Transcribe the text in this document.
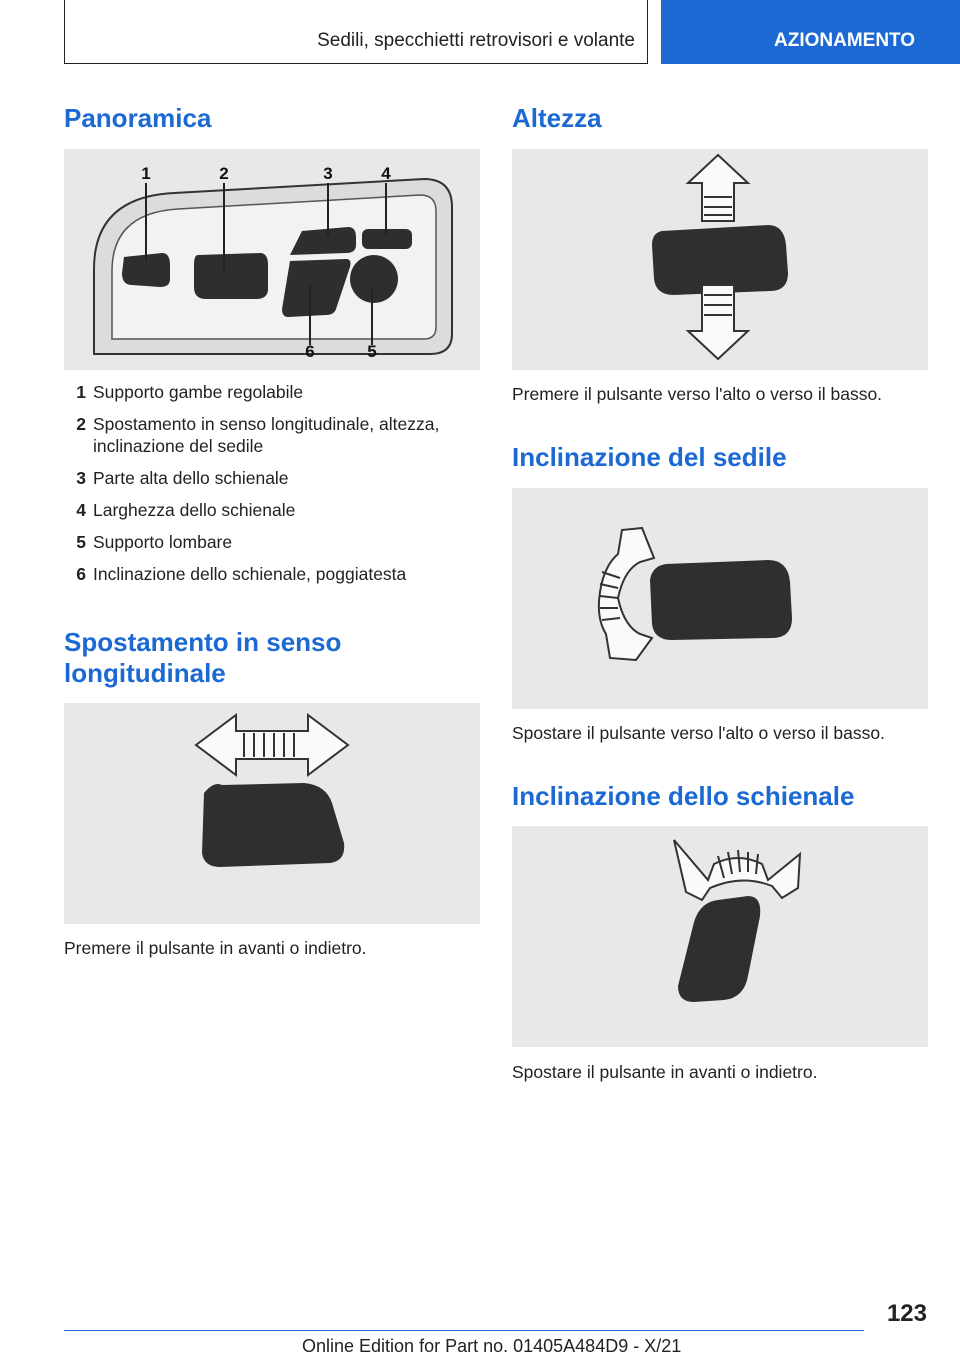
Sedili, specchietti retrovisori e volante	AZIONAMENTO
Panoramica
1	2	3	4
6	5
1 Supporto gambe regolabile
2 Spostamento in senso longitudinale, altezza, inclinazione del sedile
3 Parte alta dello schienale
4 Larghezza dello schienale
5 Supporto lombare
6 Inclinazione dello schienale, poggiatesta
Spostamento in senso longitudinale
Premere il pulsante in avanti o indietro.
Altezza
Premere il pulsante verso l'alto o verso il basso.
Inclinazione del sedile
Spostare il pulsante verso l'alto o verso il basso.
Inclinazione dello schienale
Spostare il pulsante in avanti o indietro.
123
Online Edition for Part no. 01405A484D9 - X/21
